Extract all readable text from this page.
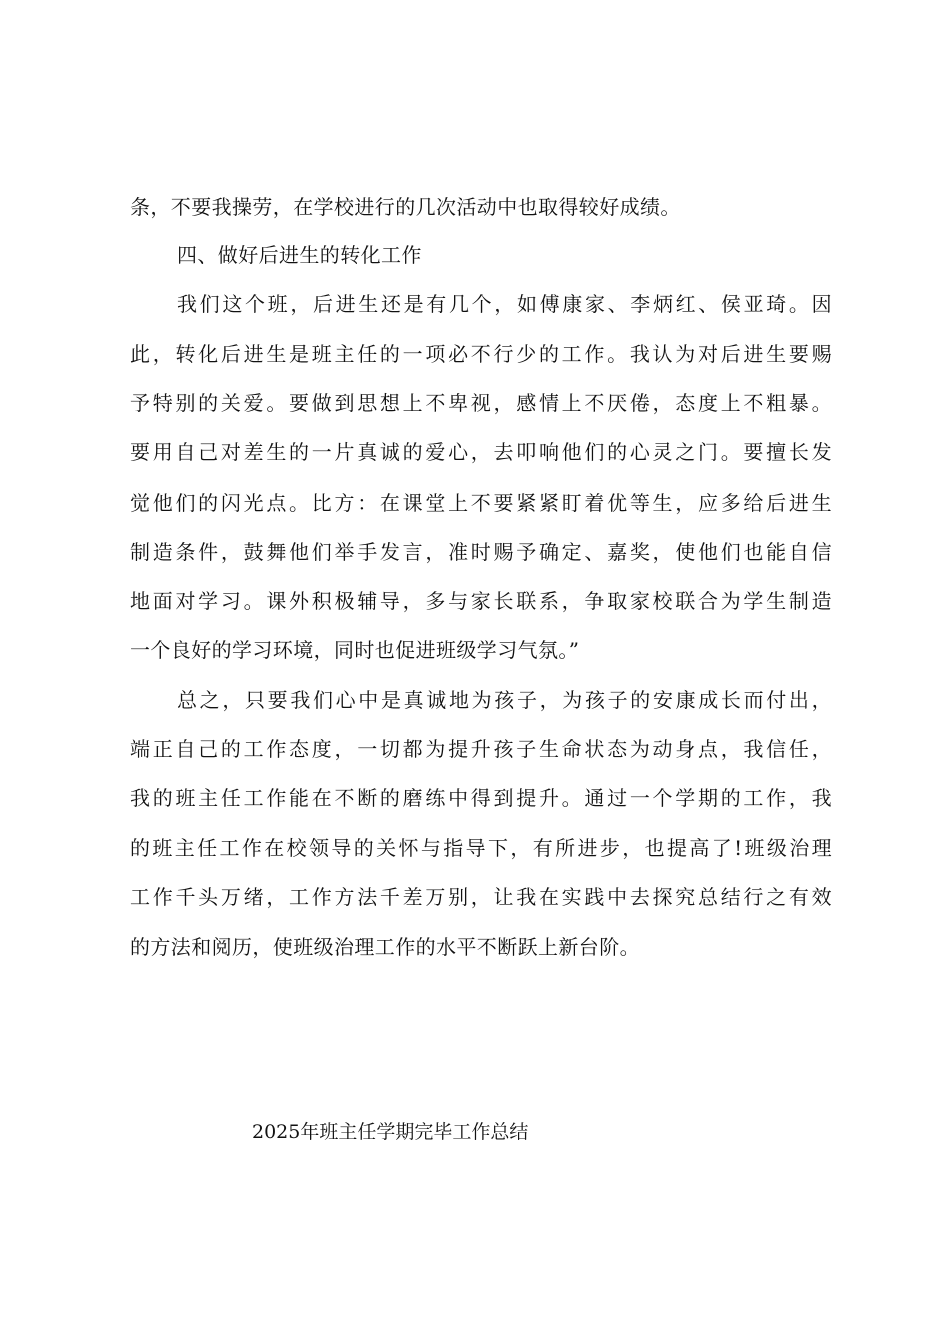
条，不要我操劳，在学校进行的几次活动中也取得较好成绩。
四、做好后进生的转化工作
我们这个班，后进生还是有几个，如傅康家、李炳红、侯亚琦。因
此，转化后进生是班主任的一项必不行少的工作。我认为对后进生要赐
予特别的关爱。要做到思想上不卑视，感情上不厌倦，态度上不粗暴。
要用自己对差生的一片真诚的爱心，去叩响他们的心灵之门。要擅长发
觉他们的闪光点。比方：在课堂上不要紧紧盯着优等生，应多给后进生
制造条件，鼓舞他们举手发言，准时赐予确定、嘉奖，使他们也能自信
地面对学习。课外积极辅导，多与家长联系，争取家校联合为学生制造
一个良好的学习环境，同时也促进班级学习气氛。”
总之，只要我们心中是真诚地为孩子，为孩子的安康成长而付出，
端正自己的工作态度，一切都为提升孩子生命状态为动身点，我信任，
我的班主任工作能在不断的磨练中得到提升。通过一个学期的工作，我
的班主任工作在校领导的关怀与指导下，有所进步，也提高了!班级治理
工作千头万绪，工作方法千差万别，让我在实践中去探究总结行之有效
的方法和阅历，使班级治理工作的水平不断跃上新台阶。
2025年班主任学期完毕工作总结
